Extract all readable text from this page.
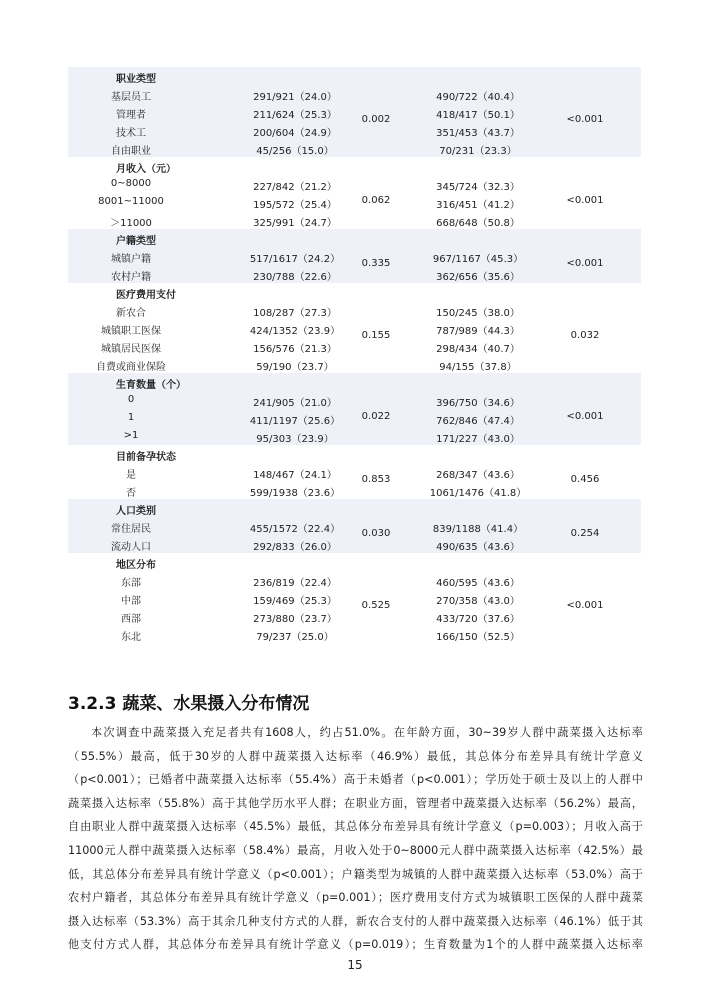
职业类型
基层员工	291/921（24.0）	490/722（40.4）
管理者	211/624（25.3）	418/417（50.1）
技术工	200/604（24.9）	351/453（43.7）
自由职业	45/256（15.0）	70/231（23.3）
0.002	<0.001
月收入（元）
0~8000	227/842（21.2）	345/724（32.3）
8001~11000	195/572（25.4）	316/451（41.2）
＞11000	325/991（24.7）	668/648（50.8）
0.062	<0.001
户籍类型
城镇户籍	517/1617（24.2）	967/1167（45.3）
农村户籍	230/788（22.6）	362/656（35.6）
0.335	<0.001
医疗费用支付
新农合	108/287（27.3）	150/245（38.0）
城镇职工医保	424/1352（23.9）	787/989（44.3）
城镇居民医保	156/576（21.3）	298/434（40.7）
自费或商业保险	59/190（23.7）	94/155（37.8）
0.155	0.032
生育数量（个）
0	241/905（21.0）	396/750（34.6）
1	411/1197（25.6）	762/846（47.4）
>1	95/303（23.9）	171/227（43.0）
0.022	<0.001
目前备孕状态
是	148/467（24.1）	268/347（43.6）
否	599/1938（23.6）	1061/1476（41.8）
0.853	0.456
人口类别
常住居民	455/1572（22.4）	839/1188（41.4）
流动人口	292/833（26.0）	490/635（43.6）
0.030	0.254
地区分布
东部	236/819（22.4）	460/595（43.6）
中部	159/469（25.3）	270/358（43.0）
西部	273/880（23.7）	433/720（37.6）
东北	79/237（25.0）	166/150（52.5）
0.525	<0.001
3.2.3 蔬菜、水果摄入分布情况
本次调查中蔬菜摄入充足者共有1608人，约占51.0%。在年龄方面，30~39岁人群中蔬菜摄入达标率
（55.5%）最高，低于30岁的人群中蔬菜摄入达标率（46.9%）最低，其总体分布差异具有统计学意义
（p<0.001）；已婚者中蔬菜摄入达标率（55.4%）高于未婚者（p<0.001）；学历处于硕士及以上的人群中
蔬菜摄入达标率（55.8%）高于其他学历水平人群；在职业方面，管理者中蔬菜摄入达标率（56.2%）最高，
自由职业人群中蔬菜摄入达标率（45.5%）最低，其总体分布差异具有统计学意义（p=0.003）；月收入高于
11000元人群中蔬菜摄入达标率（58.4%）最高，月收入处于0~8000元人群中蔬菜摄入达标率（42.5%）最
低，其总体分布差异具有统计学意义（p<0.001）；户籍类型为城镇的人群中蔬菜摄入达标率（53.0%）高于
农村户籍者，其总体分布差异具有统计学意义（p=0.001）；医疗费用支付方式为城镇职工医保的人群中蔬菜
摄入达标率（53.3%）高于其余几种支付方式的人群，新农合支付的人群中蔬菜摄入达标率（46.1%）低于其
他支付方式人群，其总体分布差异具有统计学意义（p=0.019）；生育数量为1个的人群中蔬菜摄入达标率
15
